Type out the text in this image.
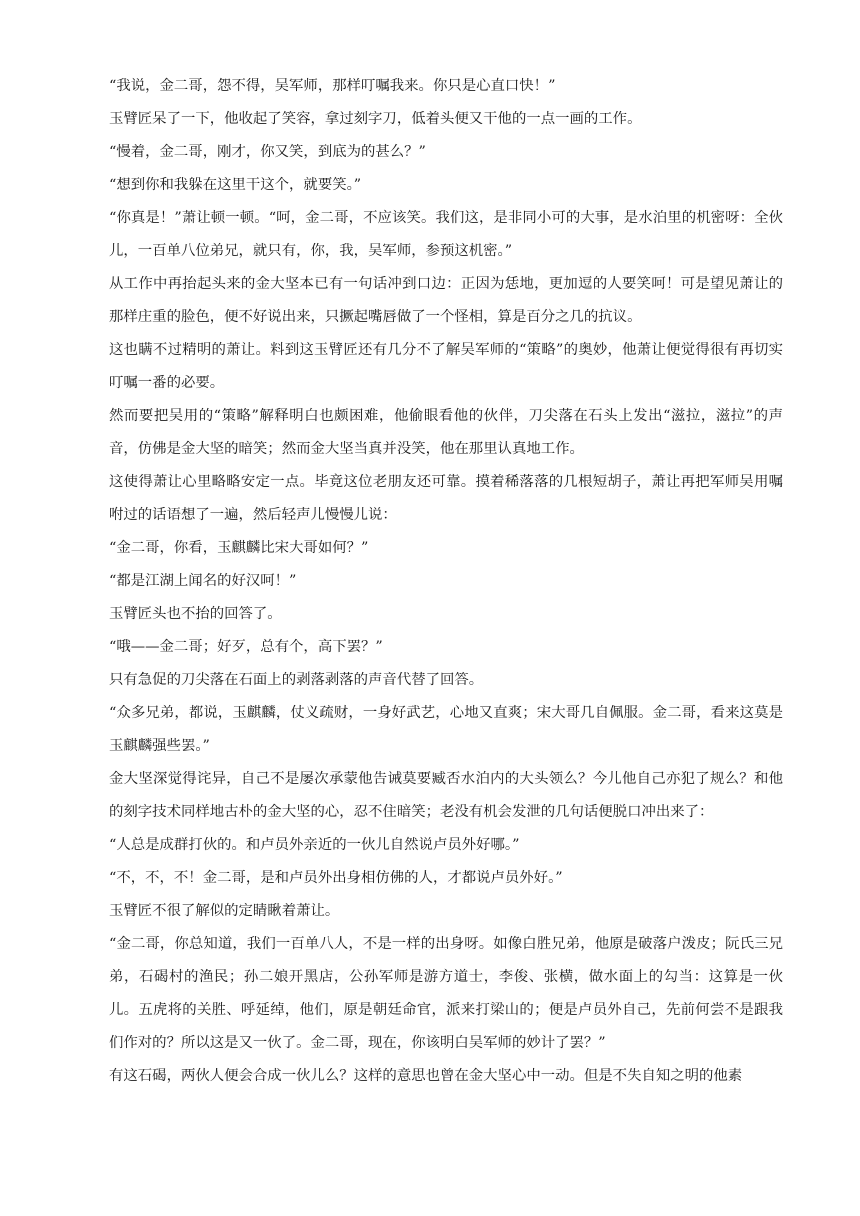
“我说，金二哥，怨不得，吴军师，那样叮嘱我来。你只是心直口快！”

玉臂匠呆了一下，他收起了笑容，拿过刻字刀，低着头便又干他的一点一画的工作。

“慢着，金二哥，刚才，你又笑，到底为的甚么？”

“想到你和我躲在这里干这个，就要笑。”

“你真是！”萧让顿一顿。“呵，金二哥，不应该笑。我们这，是非同小可的大事，是水泊里的机密呀：全伙儿，一百单八位弟兄，就只有，你，我，吴军师，参预这机密。”

从工作中再抬起头来的金大坚本已有一句话冲到口边：正因为恁地，更加逗的人要笑呵！可是望见萧让的那样庄重的脸色，便不好说出来，只撅起嘴唇做了一个怪相，算是百分之几的抗议。

这也瞒不过精明的萧让。料到这玉臂匠还有几分不了解吴军师的“策略”的奥妙，他萧让便觉得很有再切实叮嘱一番的必要。

然而要把吴用的“策略”解释明白也颇困难，他偷眼看他的伙伴，刀尖落在石头上发出“滋拉，滋拉”的声音，仿佛是金大坚的暗笑；然而金大坚当真并没笑，他在那里认真地工作。

这使得萧让心里略略安定一点。毕竟这位老朋友还可靠。摸着稀落落的几根短胡子，萧让再把军师吴用嘱咐过的话语想了一遍，然后轻声儿慢慢儿说：

“金二哥，你看，玉麒麟比宋大哥如何？”

“都是江湖上闻名的好汉呵！”

玉臂匠头也不抬的回答了。

“哦——金二哥；好歹，总有个，高下罢？”

只有急促的刀尖落在石面上的剥落剥落的声音代替了回答。

“众多兄弟，都说，玉麒麟，仗义疏财，一身好武艺，心地又直爽；宋大哥几自佩服。金二哥，看来这莫是玉麒麟强些罢。”

金大坚深觉得诧异，自己不是屡次承蒙他告诫莫要臧否水泊内的大头领么？今儿他自己亦犯了规么？和他的刻字技术同样地古朴的金大坚的心，忍不住暗笑；老没有机会发泄的几句话便脱口冲出来了：

“人总是成群打伙的。和卢员外亲近的一伙儿自然说卢员外好哪。”

“不，不，不！金二哥，是和卢员外出身相仿佛的人，才都说卢员外好。”

玉臂匠不很了解似的定睛瞅着萧让。

“金二哥，你总知道，我们一百单八人，不是一样的出身呀。如像白胜兄弟，他原是破落户泼皮；阮氏三兄弟，石碣村的渔民；孙二娘开黑店，公孙军师是游方道士，李俊、张横，做水面上的勾当：这算是一伙儿。五虎将的关胜、呼延绰，他们，原是朝廷命官，派来打梁山的；便是卢员外自己，先前何尝不是跟我们作对的？所以这是又一伙了。金二哥，现在，你该明白吴军师的妙计了罢？”

有这石碣，两伙人便会合成一伙儿么？这样的意思也曾在金大坚心中一动。但是不失自知之明的他素
